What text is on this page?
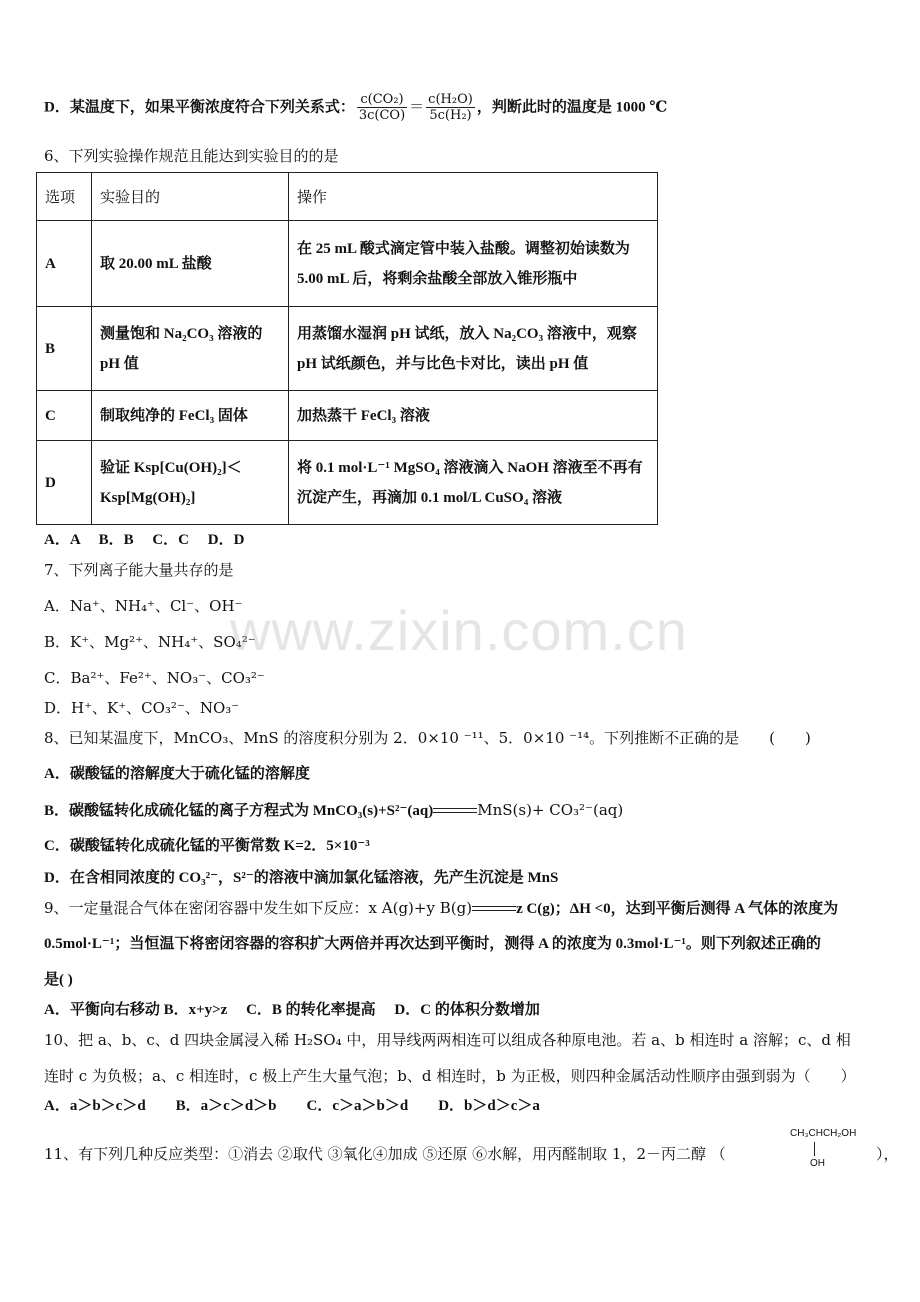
D．某温度下，如果平衡浓度符合下列关系式： $\frac{\text{c(CO₂)}}{3c(CO)} = \frac{\text{c(H₂O)}}{\text{5c(H₂)}}$ ，判断此时的温度是 1000 ℃
6、下列实验操作规范且能达到实验目的的是
选项	实验目的	操作
A	取 20.00 mL 盐酸	在 25 mL 酸式滴定管中装入盐酸。调整初始读数为 5.00 mL 后，将剩余盐酸全部放入锥形瓶中
B	测量饱和 Na₂CO₃ 溶液的 pH 值	用蒸馏水湿润 pH 试纸，放入 Na₂CO₃ 溶液中，观察 pH 试纸颜色，并与比色卡对比，读出 pH 值
C	制取纯净的 FeCl₃ 固体	加热蒸干 FeCl₃ 溶液
D	验证 Ksp[Cu(OH)₂]＜Ksp[Mg(OH)₂]	将 0.1 mol·L⁻¹ MgSO₄ 溶液滴入 NaOH 溶液至不再有沉淀产生，再滴加 0.1 mol/L CuSO₄ 溶液
A．A　 B．B　 C．C　 D．D
7、下列离子能大量共存的是
A．Na⁺、NH₄⁺、Cl⁻、OH⁻
B．K⁺、Mg²⁺、NH₄⁺、SO₄²⁻
C．Ba²⁺、Fe²⁺、NO₃⁻、CO₃²⁻
D．H⁺、K⁺、CO₃²⁻、NO₃⁻
www.zixin.com.cn
8、已知某温度下，MnCO₃、MnS 的溶度积分别为 2．0×10 ⁻¹¹、5．0×10 ⁻¹⁴。下列推断不正确的是　　(　　)
A．碳酸锰的溶解度大于硫化锰的溶解度
B．碳酸锰转化成硫化锰的离子方程式为 MnCO₃(s)+S²⁻(aq)	MnS(s)+ CO₃²⁻(aq)
C．碳酸锰转化成硫化锰的平衡常数 K=2．5×10⁻³
D．在含相同浓度的 CO₃²⁻，S²⁻的溶液中滴加氯化锰溶液，先产生沉淀是 MnS
9、一定量混合气体在密闭容器中发生如下反应：x A(g)+y B(g)	z C(g)；ΔH <0，达到平衡后测得 A 气体的浓度为
0.5mol·L⁻¹；当恒温下将密闭容器的容积扩大两倍并再次达到平衡时，测得 A 的浓度为 0.3mol·L⁻¹。则下列叙述正确的
是( )
A．平衡向右移动 B．x+y>z　 C．B 的转化率提高　 D．C 的体积分数增加
10、把 a、b、c、d 四块金属浸入稀 H₂SO₄ 中，用导线两两相连可以组成各种原电池。若 a、b 相连时 a 溶解；c、d 相
连时 c 为负极；a、c 相连时，c 极上产生大量气泡；b、d 相连时，b 为正极，则四种金属活动性顺序由强到弱为（　　）
A．a＞b＞c＞d　　B．a＞c＞d＞b　　C．c＞a＞b＞d　　D．b＞d＞c＞a
11、有下列几种反应类型：①消去 ②取代 ③氧化④加成 ⑤还原 ⑥水解，用丙醛制取 1，2－丙二醇 （
CH₃CHCH₂OH
OH
），
